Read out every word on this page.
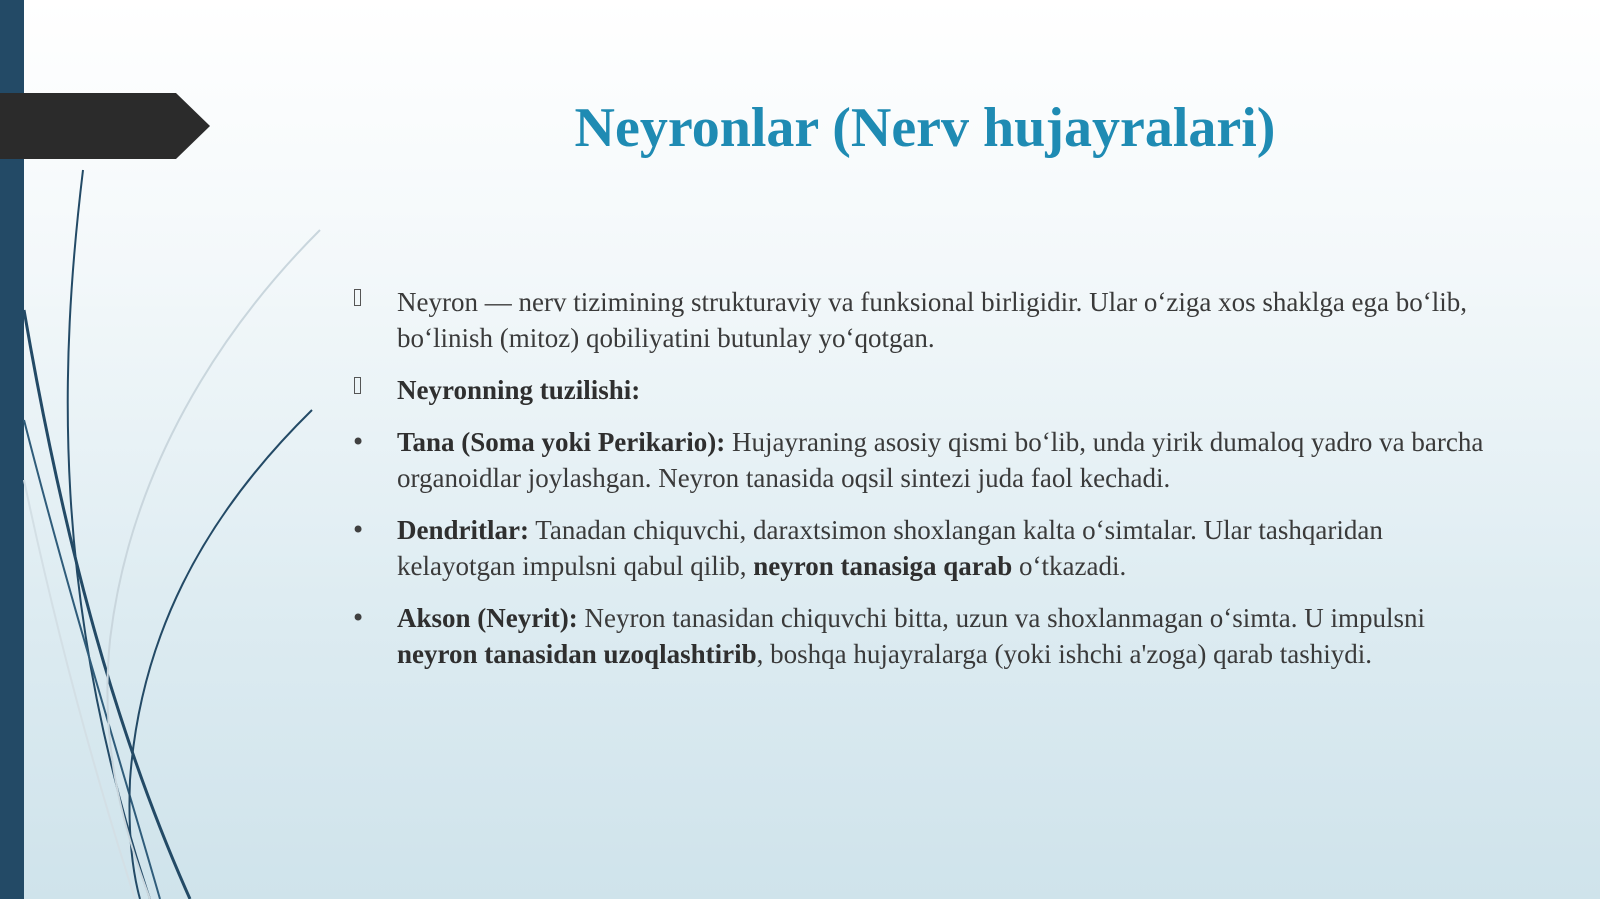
Neyronlar (Nerv hujayralari)
Neyron — nerv tizimining strukturaviy va funksional birligidir. Ular o‘ziga xos shaklga ega bo‘lib, bo‘linish (mitoz) qobiliyatini butunlay yo‘qotgan.
Neyronning tuzilishi:
•	Tana (Soma yoki Perikario): Hujayraning asosiy qismi bo‘lib, unda yirik dumaloq yadro va barcha organoidlar joylashgan. Neyron tanasida oqsil sintezi juda faol kechadi.
•	Dendritlar: Tanadan chiquvchi, daraxtsimon shoxlangan kalta o‘simtalar. Ular tashqaridan kelayotgan impulsni qabul qilib, neyron tanasiga qarab o‘tkazadi.
•	Akson (Neyrit): Neyron tanasidan chiquvchi bitta, uzun va shoxlanmagan o‘simta. U impulsni neyron tanasidan uzoqlashtirib, boshqa hujayralarga (yoki ishchi a'zoga) qarab tashiydi.
